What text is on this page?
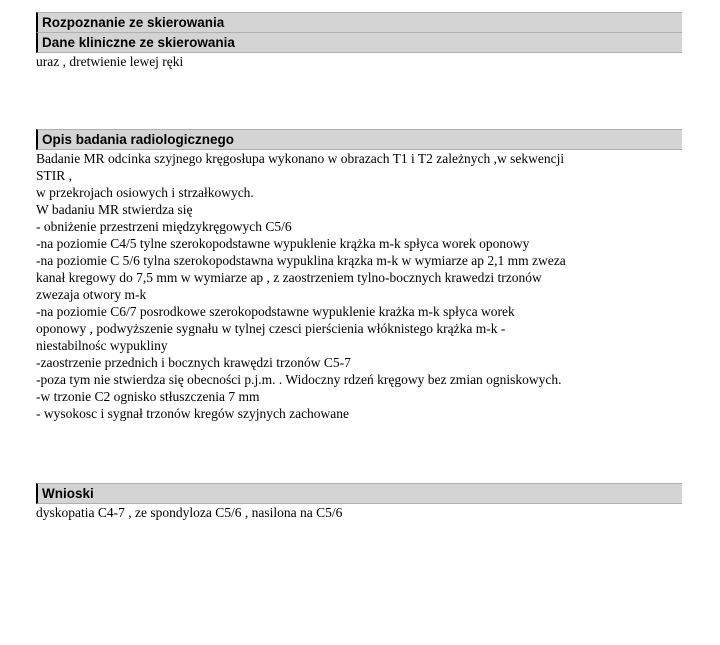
Rozpoznanie ze skierowania
Dane kliniczne ze skierowania
uraz , dretwienie lewej ręki
Opis badania radiologicznego
Badanie MR odcinka szyjnego kręgosłupa wykonano w obrazach T1 i T2 zależnych ,w sekwencji
STIR ,
w przekrojach osiowych i strzałkowych.
W badaniu MR stwierdza się
- obniżenie przestrzeni międzykręgowych C5/6
-na poziomie C4/5 tylne szerokopodstawne wypuklenie krążka m-k spłyca worek oponowy
-na poziomie C 5/6 tylna szerokopodstawna wypuklina krązka m-k w wymiarze ap 2,1 mm zweza
kanał kregowy do 7,5 mm w wymiarze ap , z zaostrzeniem tylno-bocznych krawedzi trzonów
zwezaja otwory m-k
-na poziomie C6/7 posrodkowe szerokopodstawne wypuklenie krażka m-k spłyca worek
oponowy , podwyższenie sygnału w tylnej czesci pierścienia włóknistego krążka m-k -
niestabilnośc wypukliny
-zaostrzenie przednich i bocznych krawędzi trzonów C5-7
-poza tym nie stwierdza się obecności p.j.m. . Widoczny rdzeń kręgowy bez zmian ogniskowych.
-w trzonie C2 ognisko stłuszczenia 7 mm
- wysokosc i sygnał trzonów kregów szyjnych zachowane
Wnioski
dyskopatia C4-7 , ze spondyloza C5/6 , nasilona na C5/6
